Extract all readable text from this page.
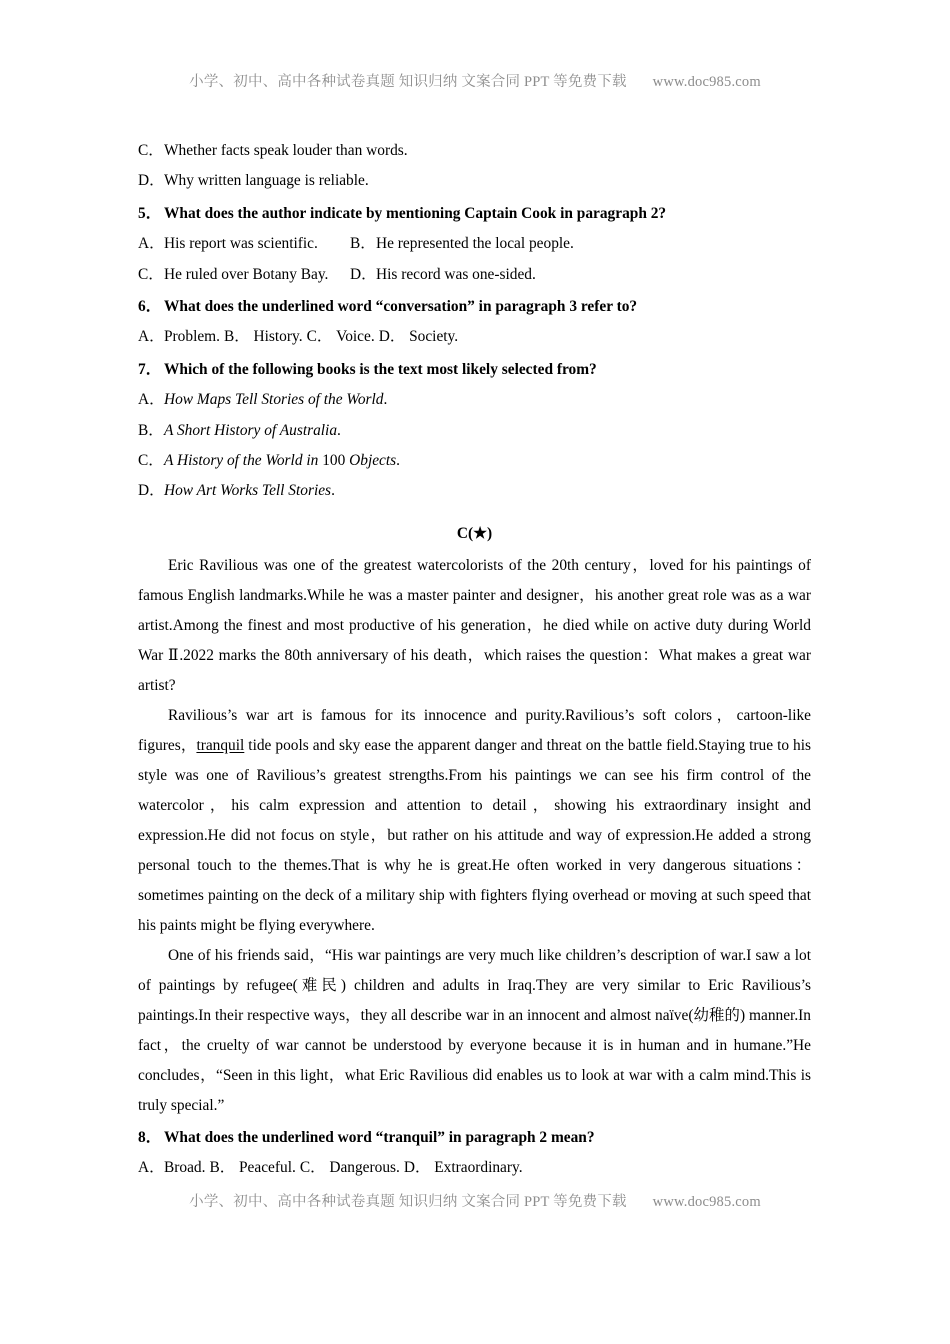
小学、初中、高中各种试卷真题 知识归纳 文案合同 PPT 等免费下载 www.doc985.com
C．Whether facts speak louder than words.
D．Why written language is reliable.
5． What does the author indicate by mentioning Captain Cook in paragraph 2?
A．His report was scientific. B．He represented the local people.
C．He ruled over Botany Bay. D．His record was one-sided.
6． What does the underlined word “conversation” in paragraph 3 refer to?
A．Problem. B． History. C． Voice. D． Society.
7． Which of the following books is the text most likely selected from?
A．How Maps Tell Stories of the World.
B．A Short History of Australia.
C．A History of the World in 100 Objects.
D．How Art Works Tell Stories.
C(★)

Eric Ravilious was one of the greatest watercolorists of the 20th century，loved for his paintings of famous English landmarks.While he was a master painter and designer，his another great role was as a war artist.Among the finest and most productive of his generation，he died while on active duty during World War Ⅱ.2022 marks the 80th anniversary of his death，which raises the question：What makes a great war artist?

Ravilious’s war art is famous for its innocence and purity.Ravilious’s soft colors，cartoon-like figures，tranquil tide pools and sky ease the apparent danger and threat on the battle field.Staying true to his style was one of Ravilious’s greatest strengths.From his paintings we can see his firm control of the watercolor，his calm expression and attention to detail，showing his extraordinary insight and expression.He did not focus on style，but rather on his attitude and way of expression.He added a strong personal touch to the themes.That is why he is great.He often worked in very dangerous situations：sometimes painting on the deck of a military ship with fighters flying overhead or moving at such speed that his paints might be flying everywhere.

One of his friends said，“His war paintings are very much like children’s description of war.I saw a lot of paintings by refugee(难民) children and adults in Iraq.They are very similar to Eric Ravilious’s paintings.In their respective ways，they all describe war in an innocent and almost naïve(幼稚的) manner.In fact，the cruelty of war cannot be understood by everyone because it is in human and in humane.”He concludes，“Seen in this light，what Eric Ravilious did enables us to look at war with a calm mind.This is truly special.”

8． What does the underlined word “tranquil” in paragraph 2 mean?
A．Broad. B． Peaceful. C． Dangerous. D． Extraordinary.
小学、初中、高中各种试卷真题 知识归纳 文案合同 PPT 等免费下载 www.doc985.com
